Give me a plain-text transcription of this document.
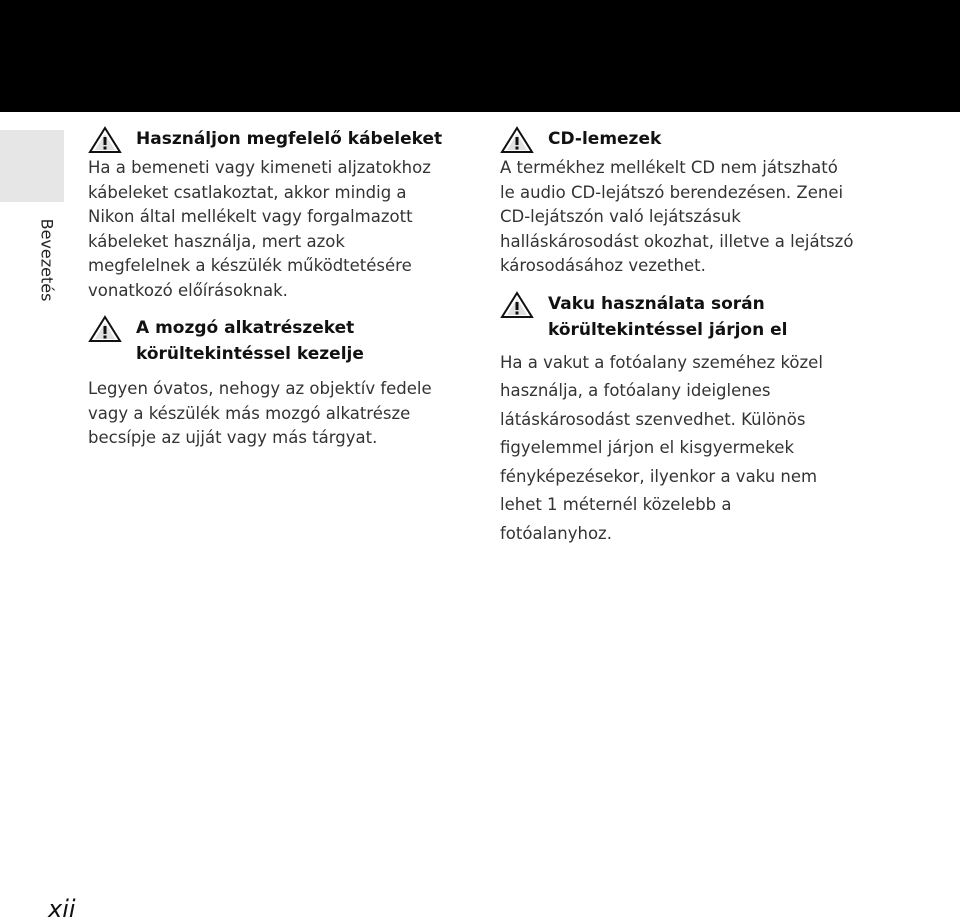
Bevezetés
Használjon megfelelő kábeleket
Ha a bemeneti vagy kimeneti aljzatokhoz
kábeleket csatlakoztat, akkor mindig a
Nikon által mellékelt vagy forgalmazott
kábeleket használja, mert azok
megfelelnek a készülék működtetésére
vonatkozó előírásoknak.
A mozgó alkatrészeket
körültekintéssel kezelje
Legyen óvatos, nehogy az objektív fedele
vagy a készülék más mozgó alkatrésze
becsípje az ujját vagy más tárgyat.
CD-lemezek
A termékhez mellékelt CD nem játszható
le audio CD-lejátszó berendezésen. Zenei
CD-lejátszón való lejátszásuk
halláskárosodást okozhat, illetve a lejátszó
károsodásához vezethet.
Vaku használata során
körültekintéssel járjon el
Ha a vakut a fotóalany szeméhez közel
használja, a fotóalany ideiglenes
látáskárosodást szenvedhet. Különös
figyelemmel járjon el kisgyermekek
fényképezésekor, ilyenkor a vaku nem
lehet 1 méternél közelebb a
fotóalanyhoz.
xii
